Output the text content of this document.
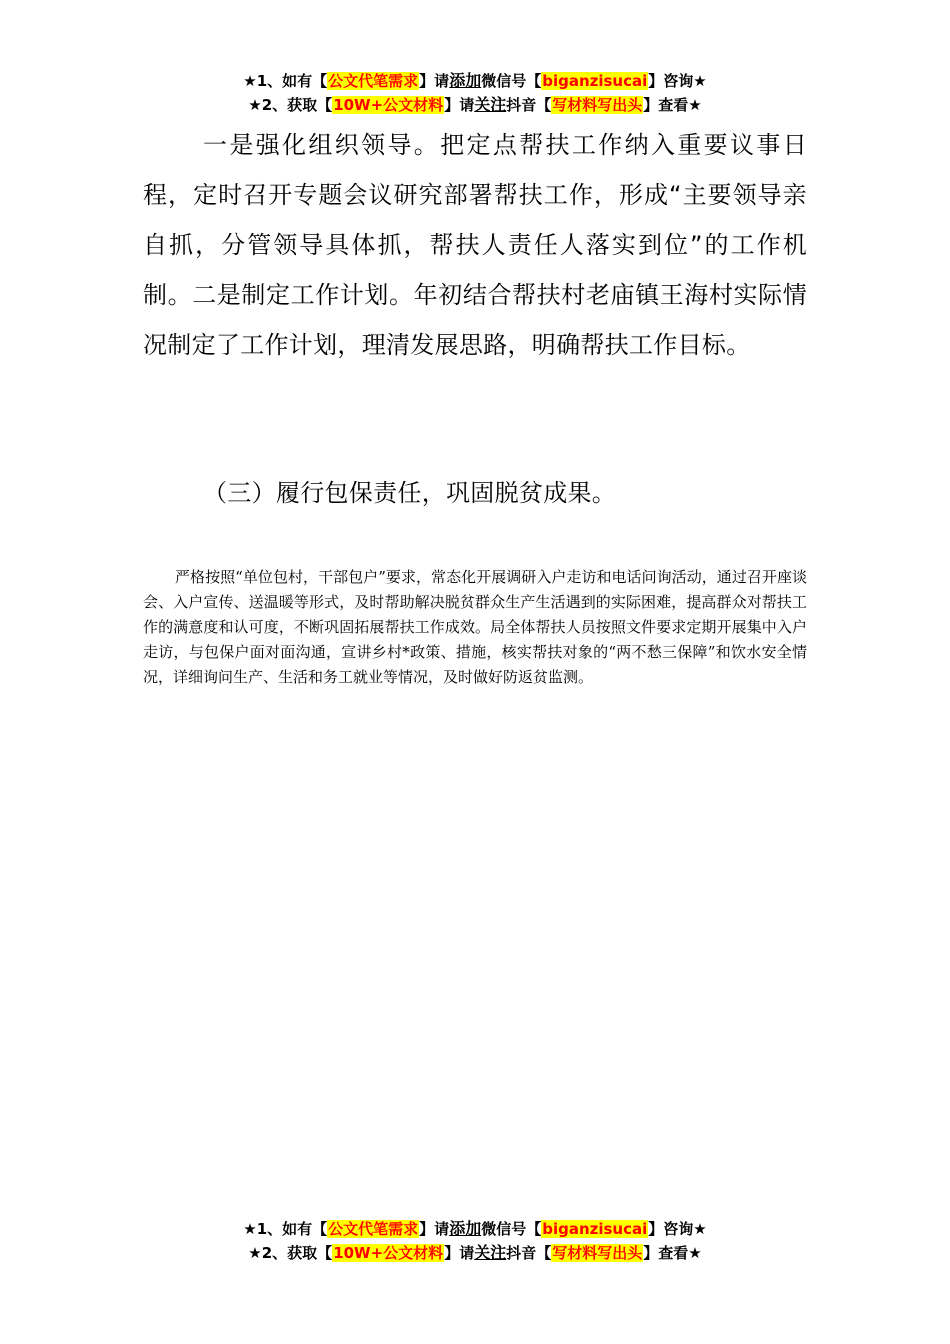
★1、如有【公文代笔需求】请添加微信号【biganzisucai】咨询★
★2、获取【10W+公文材料】请关注抖音【写材料写出头】查看★
一是强化组织领导。把定点帮扶工作纳入重要议事日程，定时召开专题会议研究部署帮扶工作，形成“主要领导亲自抓，分管领导具体抓，帮扶人责任人落实到位”的工作机制。二是制定工作计划。年初结合帮扶村老庙镇王海村实际情况制定了工作计划，理清发展思路，明确帮扶工作目标。
（三）履行包保责任，巩固脱贫成果。
严格按照“单位包村，干部包户”要求，常态化开展调研入户走访和电话问询活动，通过召开座谈会、入户宣传、送温暖等形式，及时帮助解决脱贫群众生产生活遇到的实际困难，提高群众对帮扶工作的满意度和认可度，不断巩固拓展帮扶工作成效。局全体帮扶人员按照文件要求定期开展集中入户走访，与包保户面对面沟通，宣讲乡村*政策、措施，核实帮扶对象的“两不愁三保障”和饮水安全情况，详细询问生产、生活和务工就业等情况，及时做好防返贫监测。
★1、如有【公文代笔需求】请添加微信号【biganzisucai】咨询★
★2、获取【10W+公文材料】请关注抖音【写材料写出头】查看★
